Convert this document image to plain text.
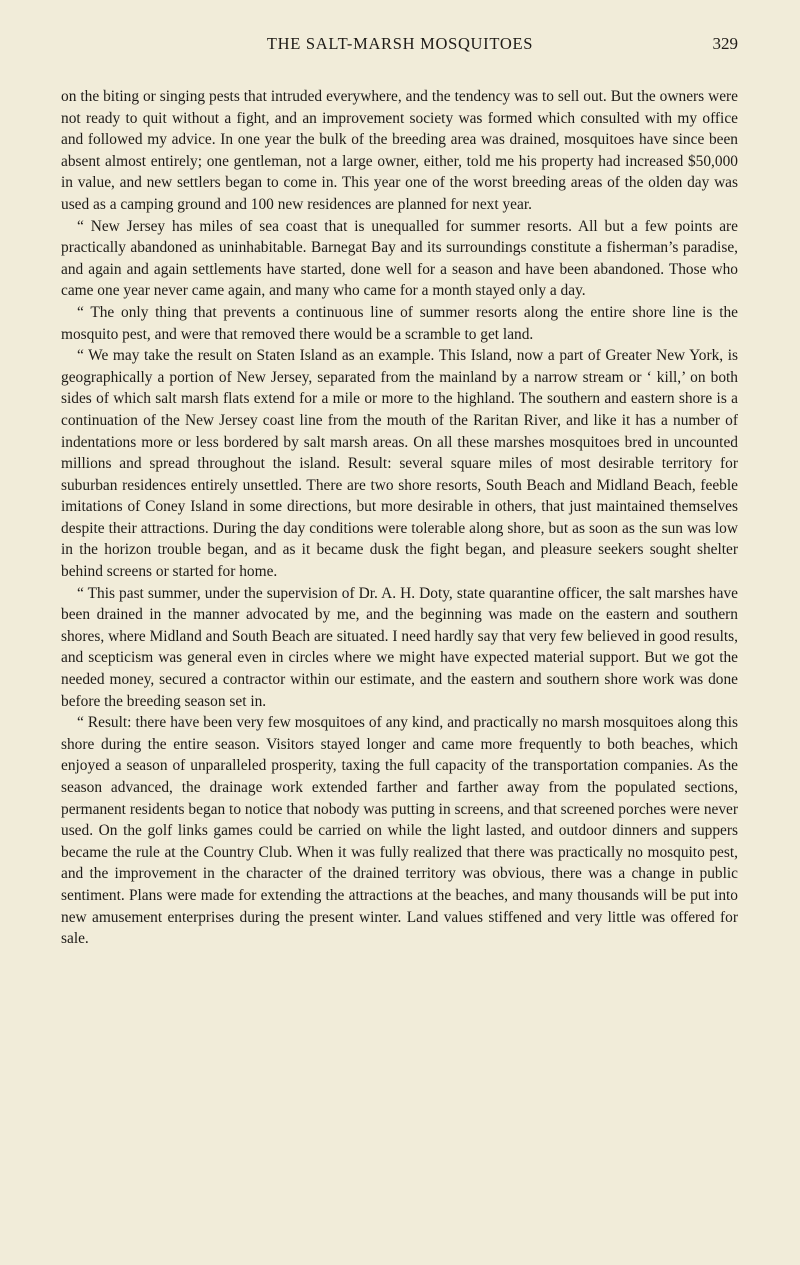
THE SALT-MARSH MOSQUITOES	329

on the biting or singing pests that intruded everywhere, and the tendency was to sell out. But the owners were not ready to quit without a fight, and an improvement society was formed which consulted with my office and followed my advice. In one year the bulk of the breeding area was drained, mosquitoes have since been absent almost entirely; one gentleman, not a large owner, either, told me his property had increased $50,000 in value, and new settlers began to come in. This year one of the worst breeding areas of the olden day was used as a camping ground and 100 new residences are planned for next year.

“ New Jersey has miles of sea coast that is unequalled for summer resorts. All but a few points are practically abandoned as uninhabitable. Barnegat Bay and its surroundings constitute a fisherman’s paradise, and again and again settlements have started, done well for a season and have been abandoned. Those who came one year never came again, and many who came for a month stayed only a day.

“ The only thing that prevents a continuous line of summer resorts along the entire shore line is the mosquito pest, and were that removed there would be a scramble to get land.

“ We may take the result on Staten Island as an example. This Island, now a part of Greater New York, is geographically a portion of New Jersey, separated from the mainland by a narrow stream or ‘ kill,’ on both sides of which salt marsh flats extend for a mile or more to the highland. The southern and eastern shore is a continuation of the New Jersey coast line from the mouth of the Raritan River, and like it has a number of indentations more or less bordered by salt marsh areas. On all these marshes mosquitoes bred in uncounted millions and spread throughout the island. Result: several square miles of most desirable territory for suburban residences entirely unsettled. There are two shore resorts, South Beach and Midland Beach, feeble imitations of Coney Island in some directions, but more desirable in others, that just maintained themselves despite their attractions. During the day conditions were tolerable along shore, but as soon as the sun was low in the horizon trouble began, and as it became dusk the fight began, and pleasure seekers sought shelter behind screens or started for home.

“ This past summer, under the supervision of Dr. A. H. Doty, state quarantine officer, the salt marshes have been drained in the manner advocated by me, and the beginning was made on the eastern and southern shores, where Midland and South Beach are situated. I need hardly say that very few believed in good results, and scepticism was general even in circles where we might have expected material support. But we got the needed money, secured a contractor within our estimate, and the eastern and southern shore work was done before the breeding season set in.

“ Result: there have been very few mosquitoes of any kind, and practically no marsh mosquitoes along this shore during the entire season. Visitors stayed longer and came more frequently to both beaches, which enjoyed a season of unparalleled prosperity, taxing the full capacity of the transportation companies. As the season advanced, the drainage work extended farther and farther away from the populated sections, permanent residents began to notice that nobody was putting in screens, and that screened porches were never used. On the golf links games could be carried on while the light lasted, and outdoor dinners and suppers became the rule at the Country Club. When it was fully realized that there was practically no mosquito pest, and the improvement in the character of the drained territory was obvious, there was a change in public sentiment. Plans were made for extending the attractions at the beaches, and many thousands will be put into new amusement enterprises during the present winter. Land values stiffened and very little was offered for sale.
